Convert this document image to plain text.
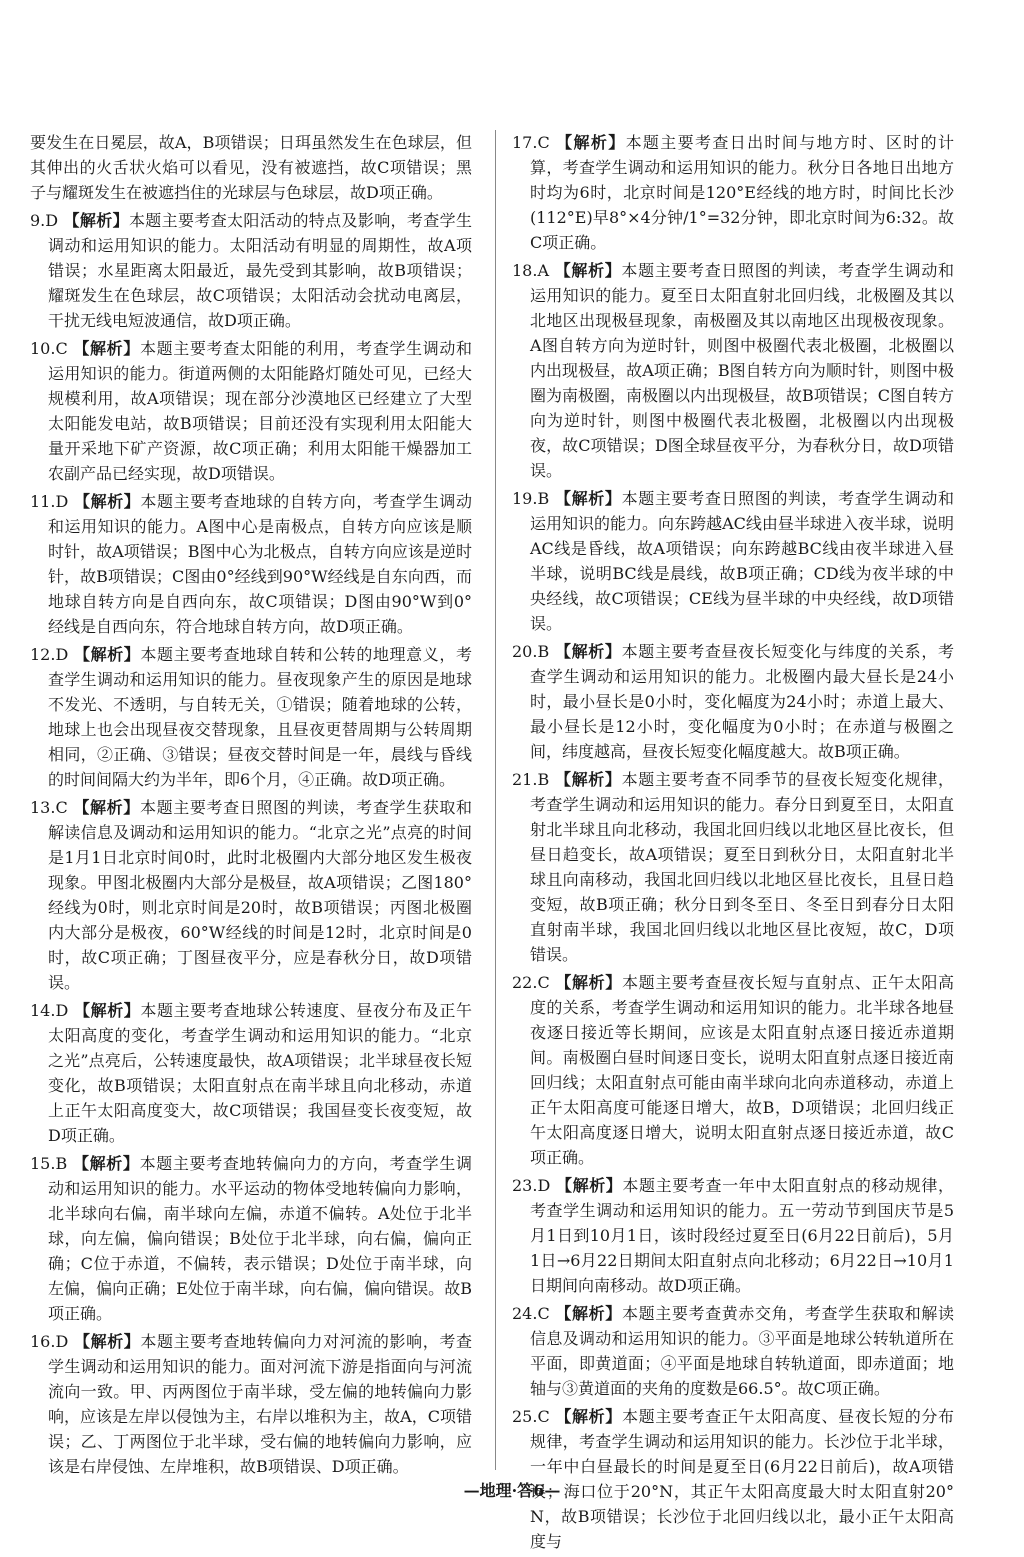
要发生在日冕层，故A，B项错误；日珥虽然发生在色球层，但其伸出的火舌状火焰可以看见，没有被遮挡，故C项错误；黑子与耀斑发生在被遮挡住的光球层与色球层，故D项正确。

9.D 【解析】本题主要考查太阳活动的特点及影响，考查学生调动和运用知识的能力。太阳活动有明显的周期性，故A项错误；水星距离太阳最近，最先受到其影响，故B项错误；耀斑发生在色球层，故C项错误；太阳活动会扰动电离层，干扰无线电短波通信，故D项正确。

10.C 【解析】本题主要考查太阳能的利用，考查学生调动和运用知识的能力。街道两侧的太阳能路灯随处可见，已经大规模利用，故A项错误；现在部分沙漠地区已经建立了大型太阳能发电站，故B项错误；目前还没有实现利用太阳能大量开采地下矿产资源，故C项正确；利用太阳能干燥器加工农副产品已经实现，故D项错误。

11.D 【解析】本题主要考查地球的自转方向，考查学生调动和运用知识的能力。A图中心是南极点，自转方向应该是顺时针，故A项错误；B图中心为北极点，自转方向应该是逆时针，故B项错误；C图由0°经线到90°W经线是自东向西，而地球自转方向是自西向东，故C项错误；D图由90°W到0°经线是自西向东，符合地球自转方向，故D项正确。

12.D 【解析】本题主要考查地球自转和公转的地理意义，考查学生调动和运用知识的能力。昼夜现象产生的原因是地球不发光、不透明，与自转无关，①错误；随着地球的公转，地球上也会出现昼夜交替现象，且昼夜更替周期与公转周期相同，②正确、③错误；昼夜交替时间是一年，晨线与昏线的时间间隔大约为半年，即6个月，④正确。故D项正确。

13.C 【解析】本题主要考查日照图的判读，考查学生获取和解读信息及调动和运用知识的能力。“北京之光”点亮的时间是1月1日北京时间0时，此时北极圈内大部分地区发生极夜现象。甲图北极圈内大部分是极昼，故A项错误；乙图180°经线为0时，则北京时间是20时，故B项错误；丙图北极圈内大部分是极夜，60°W经线的时间是12时，北京时间是0时，故C项正确；丁图昼夜平分，应是春秋分日，故D项错误。

14.D 【解析】本题主要考查地球公转速度、昼夜分布及正午太阳高度的变化，考查学生调动和运用知识的能力。“北京之光”点亮后，公转速度最快，故A项错误；北半球昼夜长短变化，故B项错误；太阳直射点在南半球且向北移动，赤道上正午太阳高度变大，故C项错误；我国昼变长夜变短，故D项正确。

15.B 【解析】本题主要考查地转偏向力的方向，考查学生调动和运用知识的能力。水平运动的物体受地转偏向力影响，北半球向右偏，南半球向左偏，赤道不偏转。A处位于北半球，向左偏，偏向错误；B处位于北半球，向右偏，偏向正确；C位于赤道，不偏转，表示错误；D处位于南半球，向左偏，偏向正确；E处位于南半球，向右偏，偏向错误。故B项正确。

16.D 【解析】本题主要考查地转偏向力对河流的影响，考查学生调动和运用知识的能力。面对河流下游是指面向与河流流向一致。甲、丙两图位于南半球，受左偏的地转偏向力影响，应该是左岸以侵蚀为主，右岸以堆积为主，故A，C项错误；乙、丁两图位于北半球，受右偏的地转偏向力影响，应该是右岸侵蚀、左岸堆积，故B项错误、D项正确。

17.C 【解析】本题主要考查日出时间与地方时、区时的计算，考查学生调动和运用知识的能力。秋分日各地日出地方时均为6时，北京时间是120°E经线的地方时，时间比长沙(112°E)早8°×4分钟/1°=32分钟，即北京时间为6:32。故C项正确。

18.A 【解析】本题主要考查日照图的判读，考查学生调动和运用知识的能力。夏至日太阳直射北回归线，北极圈及其以北地区出现极昼现象，南极圈及其以南地区出现极夜现象。A图自转方向为逆时针，则图中极圈代表北极圈，北极圈以内出现极昼，故A项正确；B图自转方向为顺时针，则图中极圈为南极圈，南极圈以内出现极昼，故B项错误；C图自转方向为逆时针，则图中极圈代表北极圈，北极圈以内出现极夜，故C项错误；D图全球昼夜平分，为春秋分日，故D项错误。

19.B 【解析】本题主要考查日照图的判读，考查学生调动和运用知识的能力。向东跨越AC线由昼半球进入夜半球，说明AC线是昏线，故A项错误；向东跨越BC线由夜半球进入昼半球，说明BC线是晨线，故B项正确；CD线为夜半球的中央经线，故C项错误；CE线为昼半球的中央经线，故D项错误。

20.B 【解析】本题主要考查昼夜长短变化与纬度的关系，考查学生调动和运用知识的能力。北极圈内最大昼长是24小时，最小昼长是0小时，变化幅度为24小时；赤道上最大、最小昼长是12小时，变化幅度为0小时；在赤道与极圈之间，纬度越高，昼夜长短变化幅度越大。故B项正确。

21.B 【解析】本题主要考查不同季节的昼夜长短变化规律，考查学生调动和运用知识的能力。春分日到夏至日，太阳直射北半球且向北移动，我国北回归线以北地区昼比夜长，但昼日趋变长，故A项错误；夏至日到秋分日，太阳直射北半球且向南移动，我国北回归线以北地区昼比夜长，且昼日趋变短，故B项正确；秋分日到冬至日、冬至日到春分日太阳直射南半球，我国北回归线以北地区昼比夜短，故C，D项错误。

22.C 【解析】本题主要考查昼夜长短与直射点、正午太阳高度的关系，考查学生调动和运用知识的能力。北半球各地昼夜逐日接近等长期间，应该是太阳直射点逐日接近赤道期间。南极圈白昼时间逐日变长，说明太阳直射点逐日接近南回归线；太阳直射点可能由南半球向北向赤道移动，赤道上正午太阳高度可能逐日增大，故B，D项错误；北回归线正午太阳高度逐日增大，说明太阳直射点逐日接近赤道，故C项正确。

23.D 【解析】本题主要考查一年中太阳直射点的移动规律，考查学生调动和运用知识的能力。五一劳动节到国庆节是5月1日到10月1日，该时段经过夏至日(6月22日前后)，5月1日→6月22日期间太阳直射点向北移动；6月22日→10月1日期间向南移动。故D项正确。

24.C 【解析】本题主要考查黄赤交角，考查学生获取和解读信息及调动和运用知识的能力。③平面是地球公转轨道所在平面，即黄道面；④平面是地球自转轨道面，即赤道面；地轴与③黄道面的夹角的度数是66.5°。故C项正确。

25.C 【解析】本题主要考查正午太阳高度、昼夜长短的分布规律，考查学生调动和运用知识的能力。长沙位于北半球，一年中白昼最长的时间是夏至日(6月22日前后)，故A项错误；海口位于20°N，其正午太阳高度最大时太阳直射20°N，故B项错误；长沙位于北回归线以北，最小正午太阳高度与

—地理·答6—
